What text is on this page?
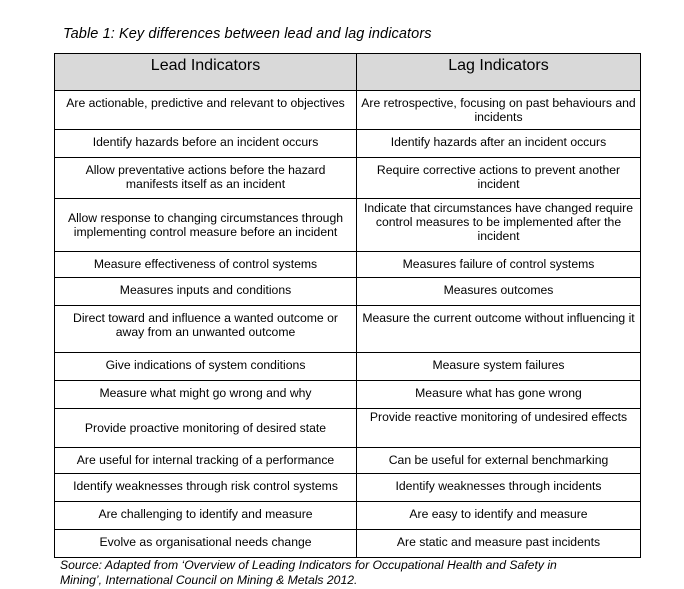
Table 1: Key differences between lead and lag indicators
Lead Indicators	Lag Indicators

Are actionable, predictive and relevant to objectives	Are retrospective, focusing on past behaviours and incidents

Identify hazards before an incident occurs	Identify hazards after an incident occurs

Allow preventative actions before the hazard manifests itself as an incident	Require corrective actions to prevent another incident

Allow response to changing circumstances through implementing control measure before an incident	Indicate that circumstances have changed require control measures to be implemented after the incident

Measure effectiveness of control systems	Measures failure of control systems

Measures inputs and conditions	Measures outcomes

Direct toward and influence a wanted outcome or away from an unwanted outcome	Measure the current outcome without influencing it

Give indications of system conditions	Measure system failures

Measure what might go wrong and why	Measure what has gone wrong

Provide proactive monitoring of desired state	Provide reactive monitoring of undesired effects

Are useful for internal tracking of a performance	Can be useful for external benchmarking

Identify weaknesses through risk control systems	Identify weaknesses through incidents

Are challenging to identify and measure	Are easy to identify and measure

Evolve as organisational needs change	Are static and measure past incidents
Source: Adapted from ‘Overview of Leading Indicators for Occupational Health and Safety in
Mining’, International Council on Mining & Metals 2012.
